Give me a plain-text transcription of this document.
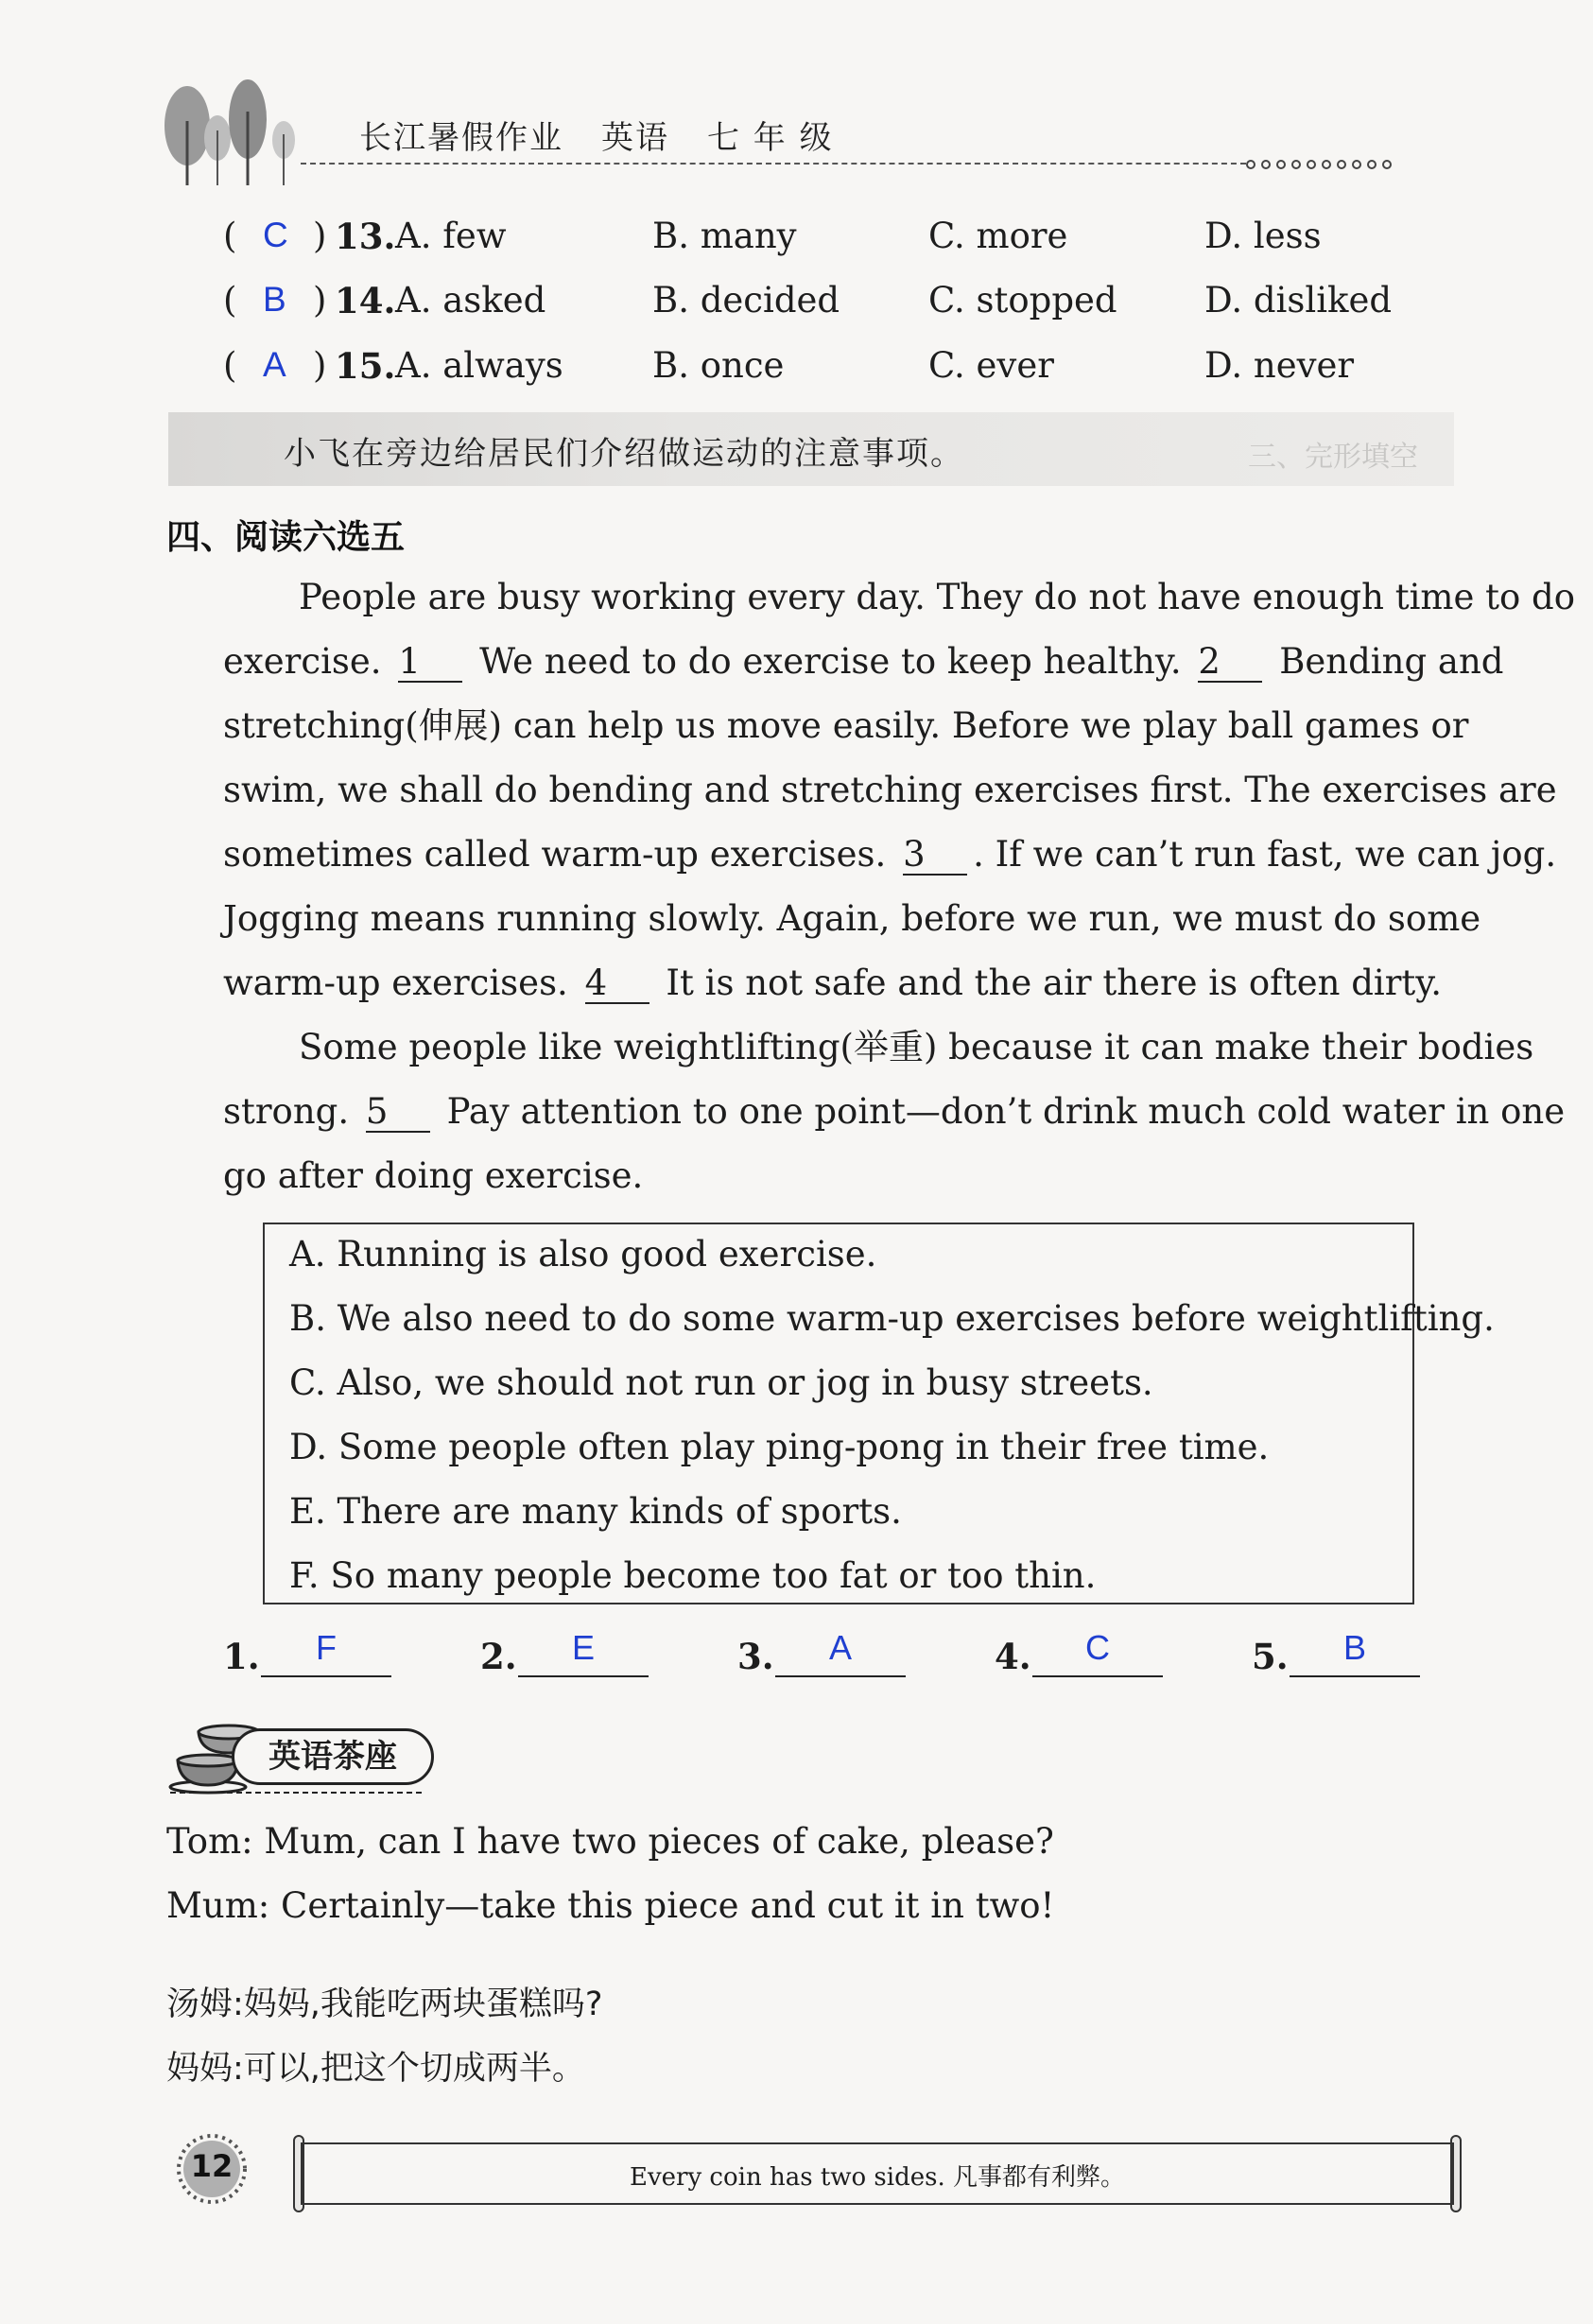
长江暑假作业 英语 七 年 级
( C ) 13. A. few	B. many	C. more	D. less
( B ) 14. A. asked	B. decided	C. stopped D. disliked
( A ) 15. A. always	B. once	C. ever	D. never
小飞在旁边给居民们介绍做运动的注意事项。	三、完形填空
四、阅读六选五
People are busy working every day. They do not have enough time to do
exercise. 1 We need to do exercise to keep healthy. 2 Bending and
stretching(伸展) can help us move easily. Before we play ball games or
swim, we shall do bending and stretching exercises first. The exercises are
sometimes called warm-up exercises. 3 . If we can’t run fast, we can jog.
Jogging means running slowly. Again, before we run, we must do some
warm-up exercises. 4 It is not safe and the air there is often dirty.
Some people like weightlifting(举重) because it can make their bodies
strong. 5 Pay attention to one point—don’t drink much cold water in one
go after doing exercise.
A. Running is also good exercise.
B. We also need to do some warm-up exercises before weightlifting.
C. Also, we should not run or jog in busy streets.
D. Some people often play ping-pong in their free time.
E. There are many kinds of sports.
F. So many people become too fat or too thin.
1.	F	2.	E	3.	A	4.	C	5.	B
英语茶座
Tom: Mum, can I have two pieces of cake, please?
Mum: Certainly—take this piece and cut it in two!
汤姆:妈妈,我能吃两块蛋糕吗?
妈妈:可以,把这个切成两半。
12	Every coin has two sides. 凡事都有利弊。
